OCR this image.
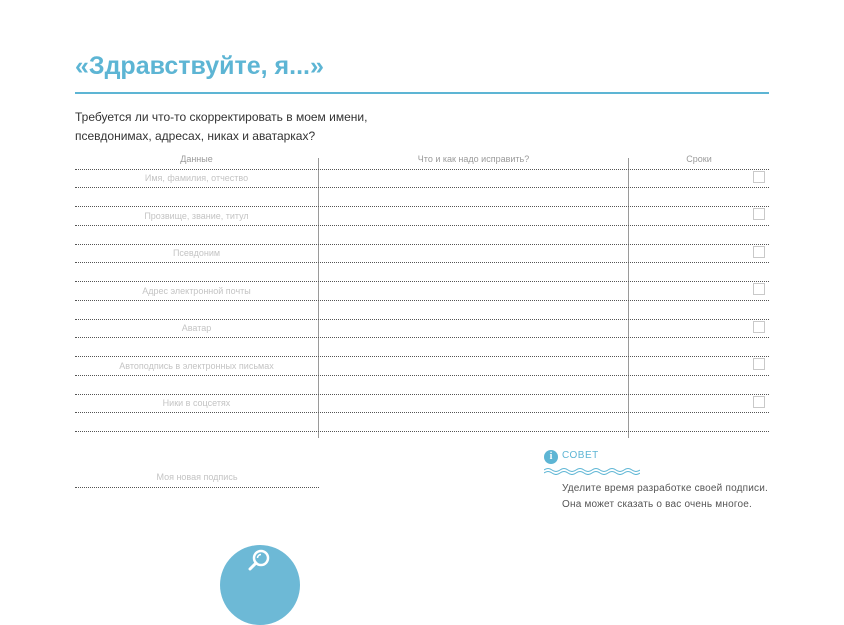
«Здравствуйте, я...»
Требуется ли что-то скорректировать в моем имени,
псевдонимах, адресах, никах и аватарках?
Данные	Что и как надо исправить?	Сроки
Имя, фамилия, отчество
Прозвище, звание, титул
Псевдоним
Адрес электронной почты
Аватар
Автоподпись в электронных письмах
Ники в соцсетях
Моя новая подпись
i СОВЕТ
Уделите время разработке своей подписи.
Она может сказать о вас очень многое.
